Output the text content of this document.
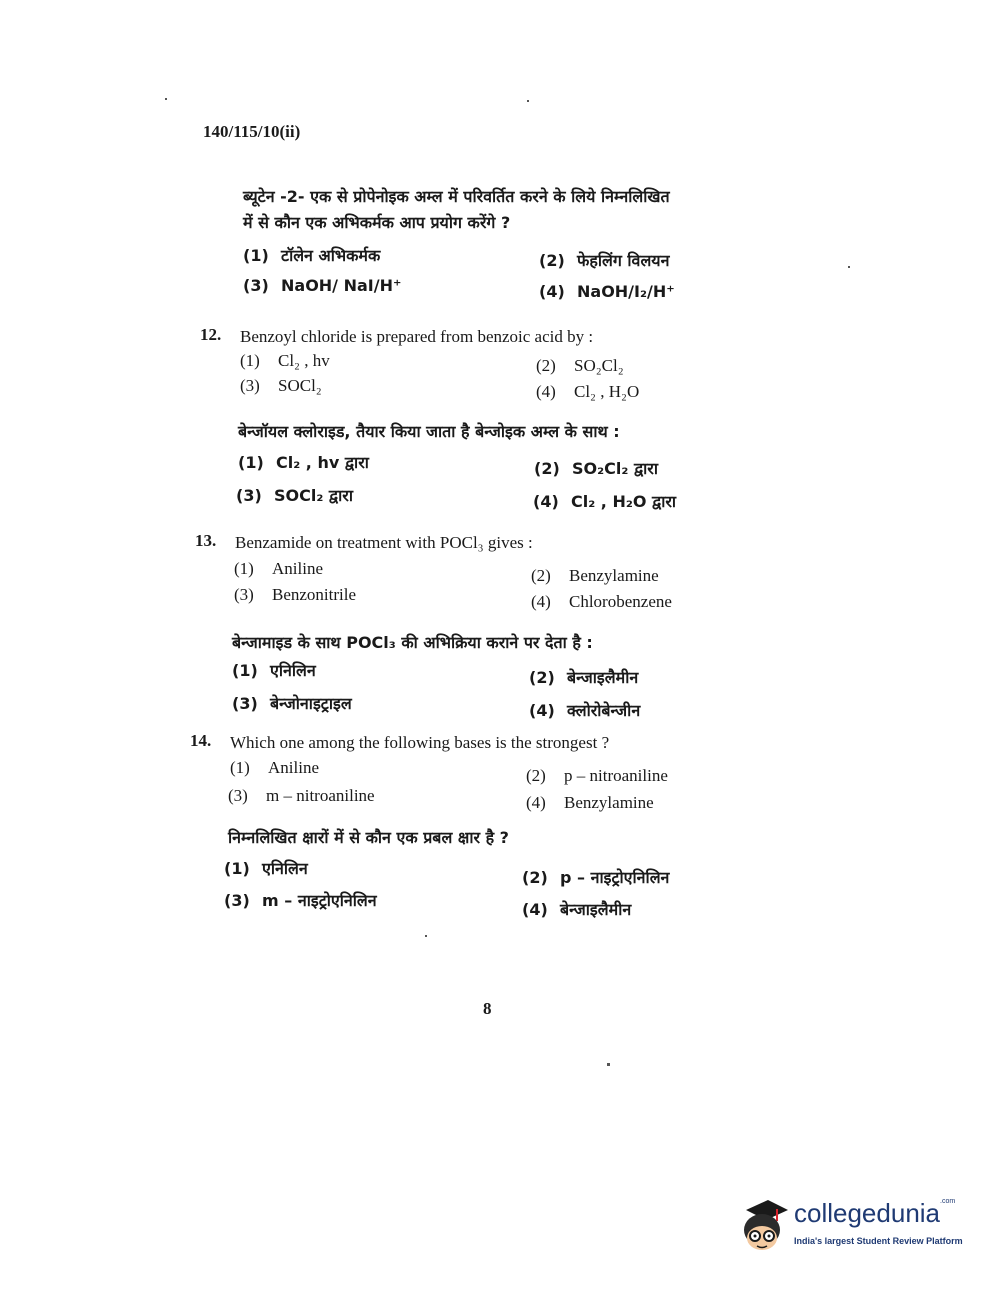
140/115/10(ii)
ब्यूटेन -2- एक से प्रोपेनोइक अम्ल में परिवर्तित करने के लिये निम्नलिखित
में से कौन एक अभिकर्मक आप प्रयोग करेंगे ?
(1) टॉलेन अभिकर्मक	(2) फेहलिंग विलयन
(3) NaOH/ NaI/H⁺	(4) NaOH/I₂/H⁺
12. Benzoyl chloride is prepared from benzoic acid by :
(1) Cl₂ , hv	(2) SO₂Cl₂
(3) SOCl₂	(4) Cl₂ , H₂O
बेन्जॉयल क्लोराइड, तैयार किया जाता है बेन्जोइक अम्ल के साथ :
(1) Cl₂ , hv द्वारा	(2) SO₂Cl₂ द्वारा
(3) SOCl₂ द्वारा	(4) Cl₂ , H₂O द्वारा
13. Benzamide on treatment with POCl₃ gives :
(1) Aniline	(2) Benzylamine
(3) Benzonitrile	(4) Chlorobenzene
बेन्जामाइड के साथ POCl₃ की अभिक्रिया कराने पर देता है :
(1) एनिलिन	(2) बेन्जाइलैमीन
(3) बेन्जोनाइट्राइल	(4) क्लोरोबेन्जीन
14. Which one among the following bases is the strongest ?
(1) Aniline	(2) p – nitroaniline
(3) m – nitroaniline	(4) Benzylamine
निम्नलिखित क्षारों में से कौन एक प्रबल क्षार है ?
(1) एनिलिन	(2) p – नाइट्रोएनिलिन
(3) m – नाइट्रोएनिलिन	(4) बेन्जाइलैमीन
8
collegedunia$^{.com}$
India's largest Student Review Platform
